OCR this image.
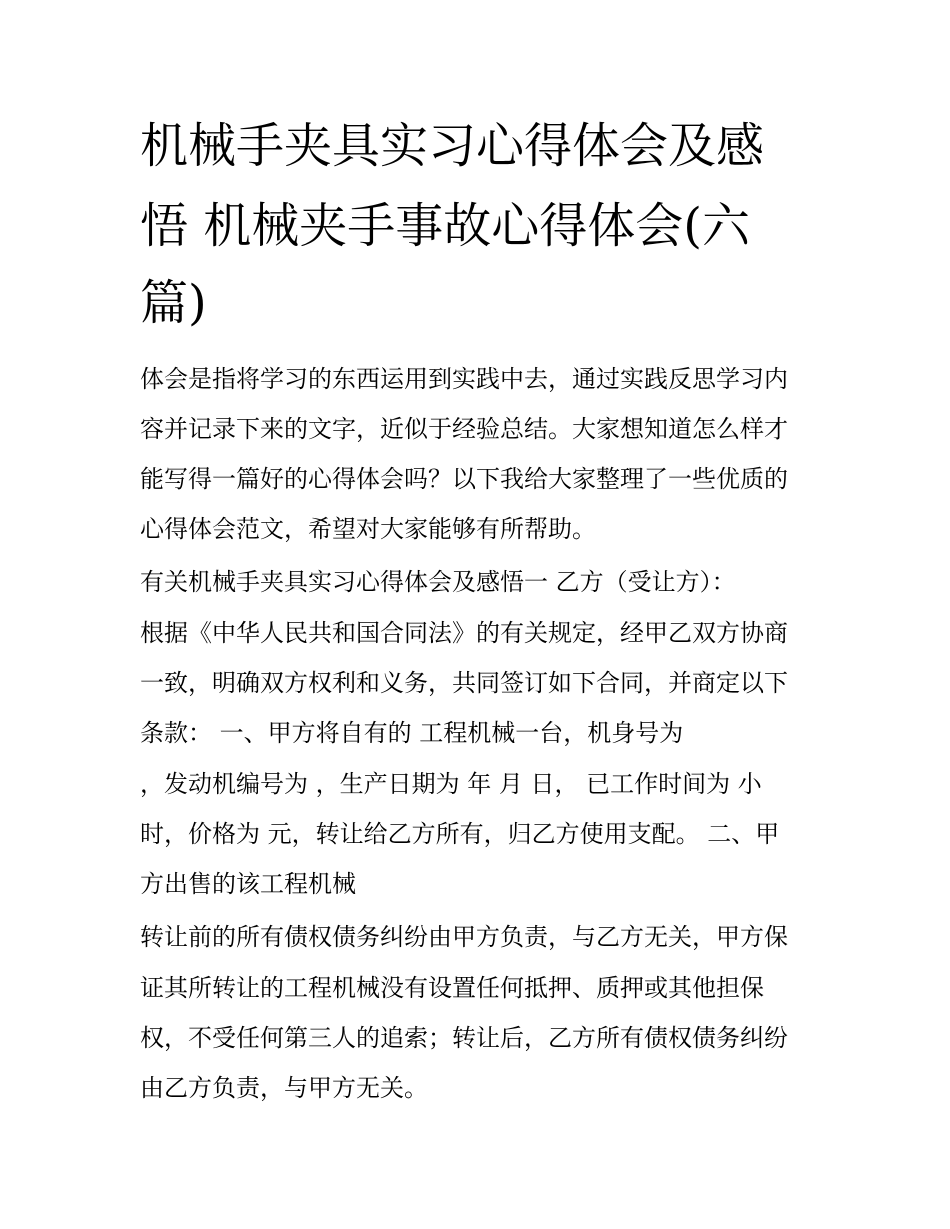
机械手夹具实习心得体会及感
悟 机械夹手事故心得体会(六
篇)
体会是指将学习的东西运用到实践中去，通过实践反思学习内
容并记录下来的文字，近似于经验总结。大家想知道怎么样才
能写得一篇好的心得体会吗？以下我给大家整理了一些优质的
心得体会范文，希望对大家能够有所帮助。
有关机械手夹具实习心得体会及感悟一 乙方（受让方）：
根据《中华人民共和国合同法》的有关规定，经甲乙双方协商
一致，明确双方权利和义务，共同签订如下合同，并商定以下
条款： 一、甲方将自有的 工程机械一台，机身号为
，发动机编号为 ，生产日期为 年 月 日， 已工作时间为 小
时，价格为 元，转让给乙方所有，归乙方使用支配。 二、甲
方出售的该工程机械
转让前的所有债权债务纠纷由甲方负责，与乙方无关，甲方保
证其所转让的工程机械没有设置任何抵押、质押或其他担保
权，不受任何第三人的追索；转让后，乙方所有债权债务纠纷
由乙方负责，与甲方无关。
